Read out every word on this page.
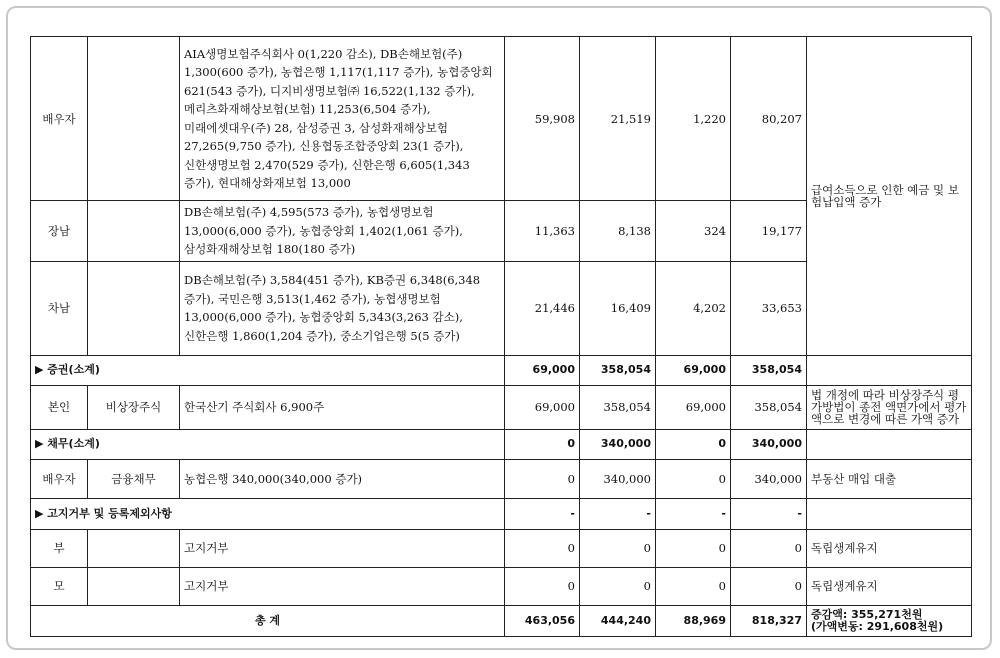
배우자		AIA생명보험주식회사 0(1,220 감소), DB손해보험(주) 1,300(600 증가), 농협은행 1,117(1,117 증가), 농협중앙회 621(543 증가), 디지비생명보험㈜ 16,522(1,132 증가), 메리츠화재해상보험(보험) 11,253(6,504 증가), 미래에셋대우(주) 28, 삼성증권 3, 삼성화재해상보험 27,265(9,750 증가), 신용협동조합중앙회 23(1 증가), 신한생명보험 2,470(529 증가), 신한은행 6,605(1,343 증가), 현대해상화재보험 13,000	59,908	21,519	1,220	80,207	급여소득으로 인한 예금 및 보험납입액 증가
장남		DB손해보험(주) 4,595(573 증가), 농협생명보험 13,000(6,000 증가), 농협중앙회 1,402(1,061 증가), 삼성화재해상보험 180(180 증가)	11,363	8,138	324	19,177	
차남		DB손해보험(주) 3,584(451 증가), KB증권 6,348(6,348 증가), 국민은행 3,513(1,462 증가), 농협생명보험 13,000(6,000 증가), 농협중앙회 5,343(3,263 감소), 신한은행 1,860(1,204 증가), 중소기업은행 5(5 증가)	21,446	16,409	4,202	33,653	
▶ 증권(소계)			69,000	358,054	69,000	358,054	
본인	비상장주식	한국산기 주식회사 6,900주	69,000	358,054	69,000	358,054	법 개정에 따라 비상장주식 평가방법이 종전 액면가에서 평가액으로 변경에 따른 가액 증가
▶ 채무(소계)			0	340,000	0	340,000	
배우자	금융채무	농협은행 340,000(340,000 증가)	0	340,000	0	340,000	부동산 매입 대출
▶ 고지거부 및 등록제외사항			-	-	-	-	
부		고지거부	0	0	0	0	독립생계유지
모		고지거부	0	0	0	0	독립생계유지
총 계			463,056	444,240	88,969	818,327	증감액: 355,271천원
(가액변동: 291,608천원)
